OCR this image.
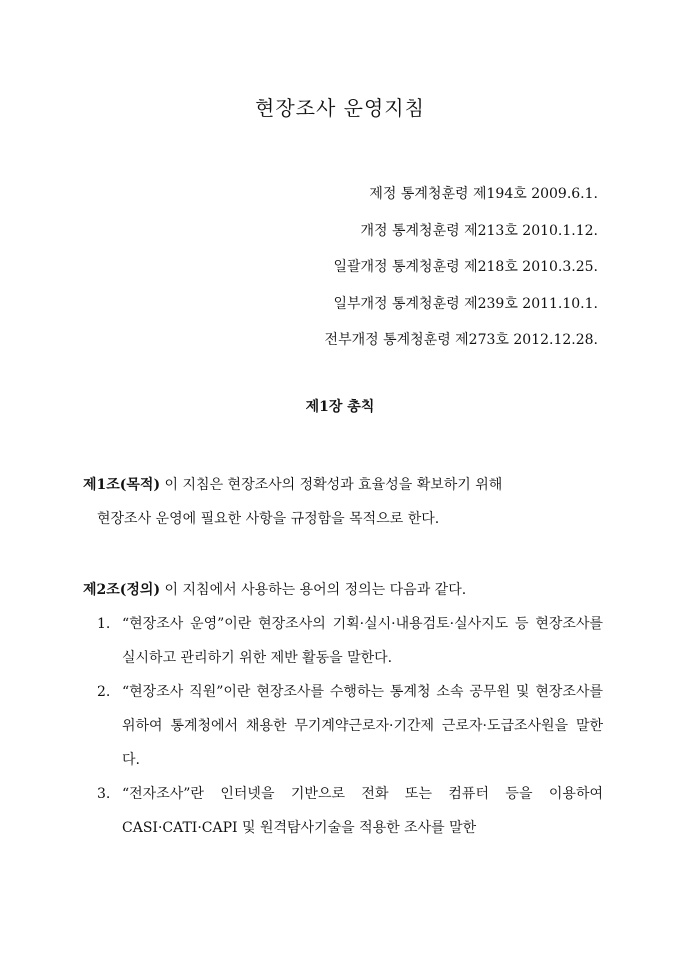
현장조사 운영지침
제정 통계청훈령 제194호 2009.6.1.
개정 통계청훈령 제213호 2010.1.12.
일괄개정 통계청훈령 제218호 2010.3.25.
일부개정 통계청훈령 제239호 2011.10.1.
전부개정 통계청훈령 제273호 2012.12.28.
제1장 총칙
제1조(목적) 이 지침은 현장조사의 정확성과 효율성을 확보하기 위해
현장조사 운영에 필요한 사항을 규정함을 목적으로 한다.
제2조(정의) 이 지침에서 사용하는 용어의 정의는 다음과 같다.
1. “현장조사 운영”이란 현장조사의 기획·실시·내용검토·실사지도 등 현장조사를 실시하고 관리하기 위한 제반 활동을 말한다.
2. “현장조사 직원”이란 현장조사를 수행하는 통계청 소속 공무원 및 현장조사를 위하여 통계청에서 채용한 무기계약근로자·기간제 근로자·도급조사원을 말한다.
3. “전자조사”란 인터넷을 기반으로 전화 또는 컴퓨터 등을 이용하여 CASI·CATI·CAPI 및 원격탐사기술을 적용한 조사를 말한
